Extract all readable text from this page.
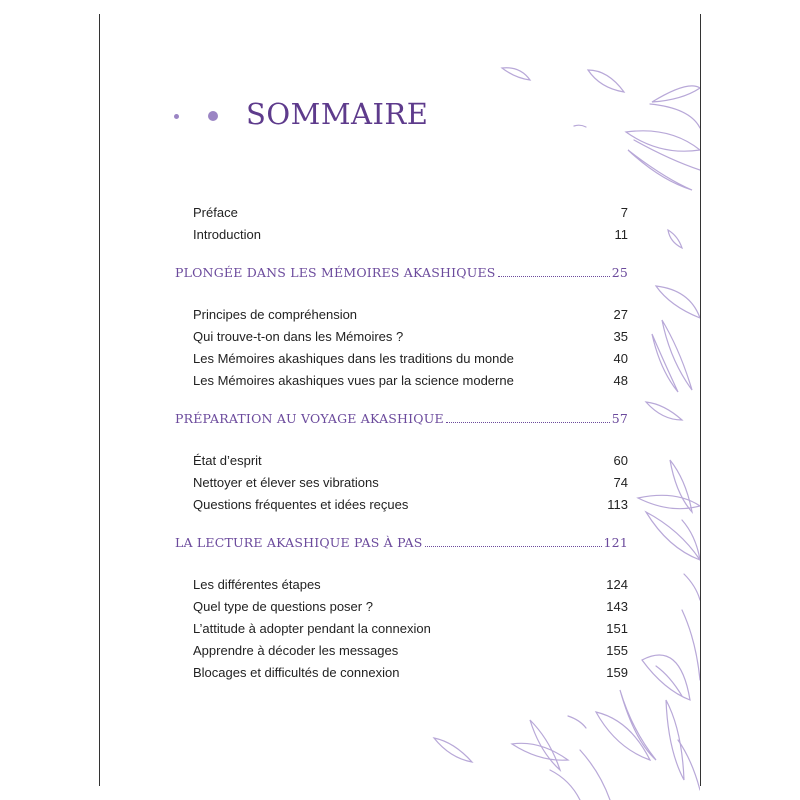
SOMMAIRE
Préface	7
Introduction	11
PLONGÉE DANS LES MÉMOIRES AKASHIQUES	25
Principes de compréhension	27
Qui trouve-t-on dans les Mémoires ?	35
Les Mémoires akashiques dans les traditions du monde	40
Les Mémoires akashiques vues par la science moderne	48
PRÉPARATION AU VOYAGE AKASHIQUE	57
État d’esprit	60
Nettoyer et élever ses vibrations	74
Questions fréquentes et idées reçues	113
LA LECTURE AKASHIQUE PAS À PAS	121
Les différentes étapes	124
Quel type de questions poser ?	143
L’attitude à adopter pendant la connexion	151
Apprendre à décoder les messages	155
Blocages et difficultés de connexion	159
